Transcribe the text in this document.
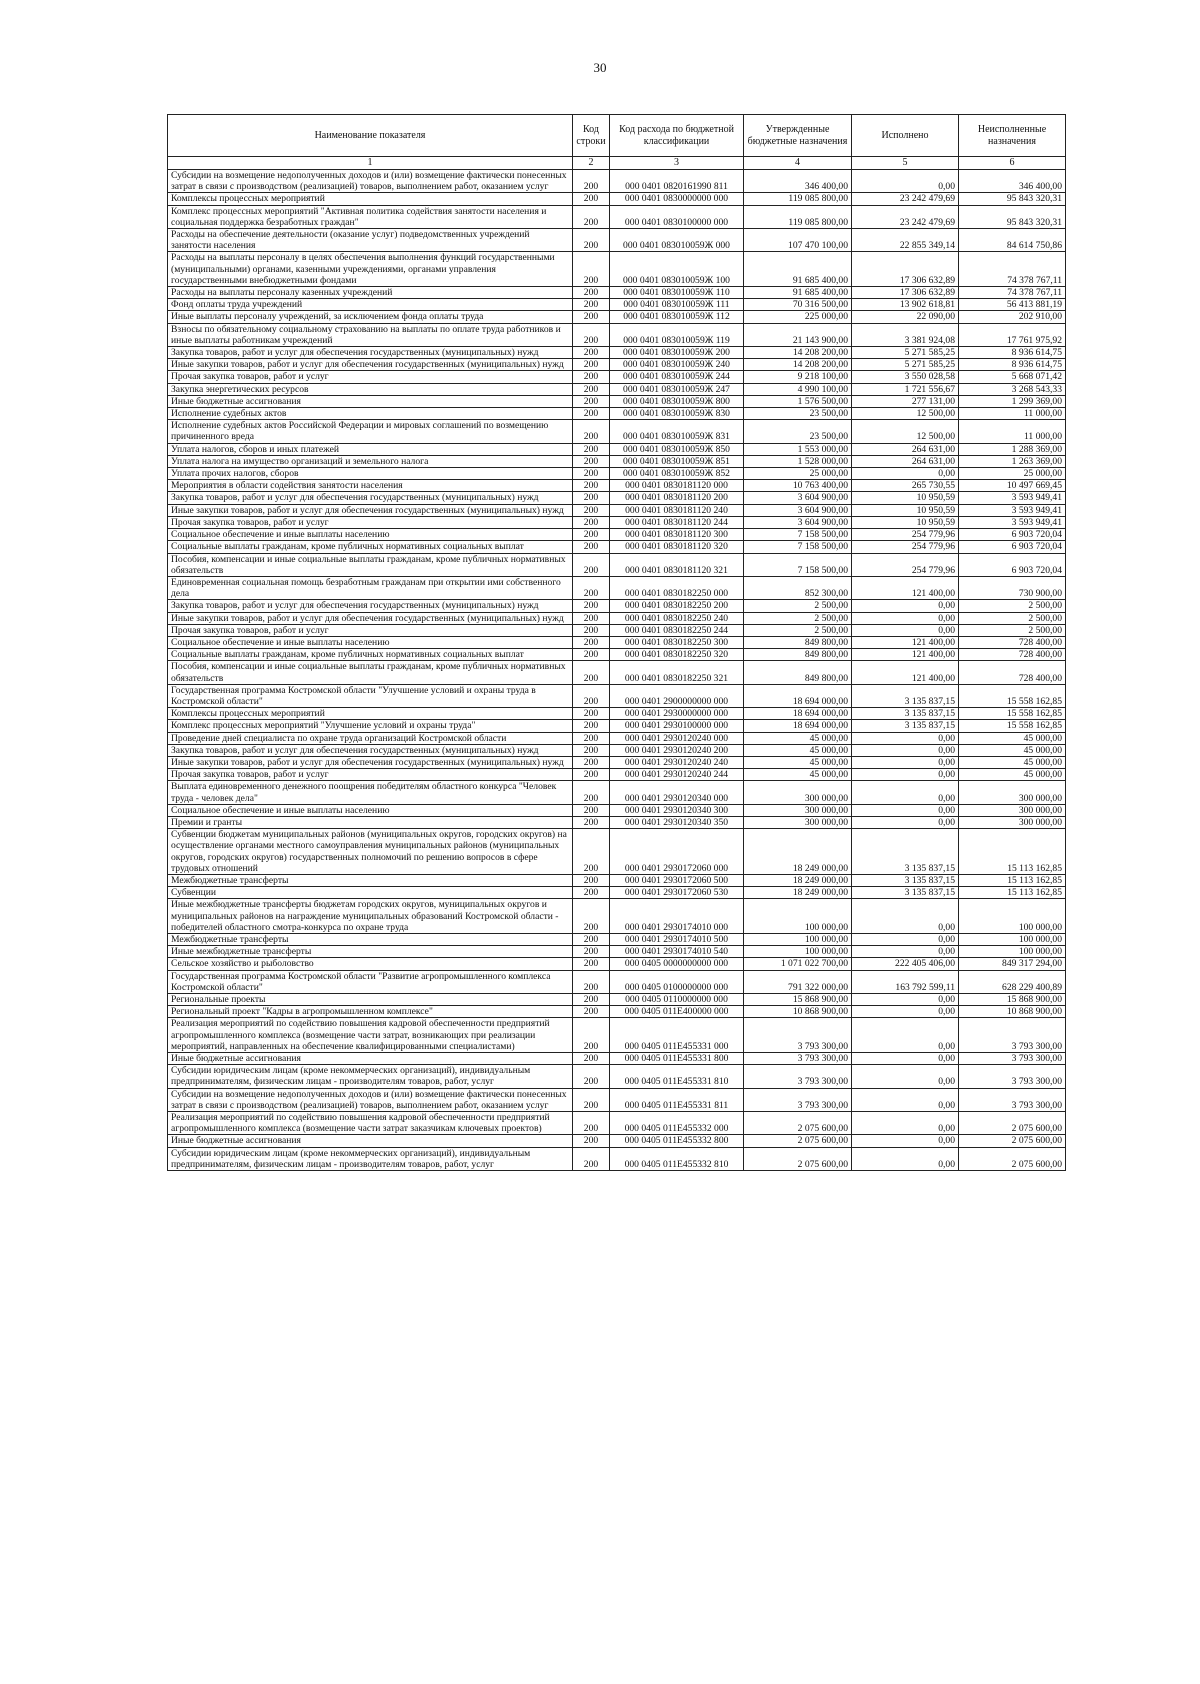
30
Наименование показателя	Код строки	Код расхода по бюджетной классификации	Утвержденные бюджетные назначения	Исполнено	Неисполненные назначения
1	2	3	4	5	6
Субсидии на возмещение недополученных доходов и (или) возмещение фактически понесенных затрат в связи с производством (реализацией) товаров, выполнением работ, оказанием услуг	200	000 0401 0820161990 811	346 400,00	0,00	346 400,00
Комплексы процессных мероприятий	200	000 0401 0830000000 000	119 085 800,00	23 242 479,69	95 843 320,31
Комплекс процессных мероприятий "Активная политика содействия занятости населения и социальная поддержка безработных граждан"	200	000 0401 0830100000 000	119 085 800,00	23 242 479,69	95 843 320,31
Расходы на обеспечение деятельности (оказание услуг) подведомственных учреждений занятости населения	200	000 0401 083010059Ж 000	107 470 100,00	22 855 349,14	84 614 750,86
Расходы на выплаты персоналу в целях обеспечения выполнения функций государственными (муниципальными) органами, казенными учреждениями, органами управления государственными внебюджетными фондами	200	000 0401 083010059Ж 100	91 685 400,00	17 306 632,89	74 378 767,11
Расходы на выплаты персоналу казенных учреждений	200	000 0401 083010059Ж 110	91 685 400,00	17 306 632,89	74 378 767,11
Фонд оплаты труда учреждений	200	000 0401 083010059Ж 111	70 316 500,00	13 902 618,81	56 413 881,19
Иные выплаты персоналу учреждений, за исключением фонда оплаты труда	200	000 0401 083010059Ж 112	225 000,00	22 090,00	202 910,00
Взносы по обязательному социальному страхованию на выплаты по оплате труда работников и иные выплаты работникам учреждений	200	000 0401 083010059Ж 119	21 143 900,00	3 381 924,08	17 761 975,92
Закупка товаров, работ и услуг для обеспечения государственных (муниципальных) нужд	200	000 0401 083010059Ж 200	14 208 200,00	5 271 585,25	8 936 614,75
Иные закупки товаров, работ и услуг для обеспечения государственных (муниципальных) нужд	200	000 0401 083010059Ж 240	14 208 200,00	5 271 585,25	8 936 614,75
Прочая закупка товаров, работ и услуг	200	000 0401 083010059Ж 244	9 218 100,00	3 550 028,58	5 668 071,42
Закупка энергетических ресурсов	200	000 0401 083010059Ж 247	4 990 100,00	1 721 556,67	3 268 543,33
Иные бюджетные ассигнования	200	000 0401 083010059Ж 800	1 576 500,00	277 131,00	1 299 369,00
Исполнение судебных актов	200	000 0401 083010059Ж 830	23 500,00	12 500,00	11 000,00
Исполнение судебных актов Российской Федерации и мировых соглашений по возмещению причиненного вреда	200	000 0401 083010059Ж 831	23 500,00	12 500,00	11 000,00
Уплата налогов, сборов и иных платежей	200	000 0401 083010059Ж 850	1 553 000,00	264 631,00	1 288 369,00
Уплата налога на имущество организаций и земельного налога	200	000 0401 083010059Ж 851	1 528 000,00	264 631,00	1 263 369,00
Уплата прочих налогов, сборов	200	000 0401 083010059Ж 852	25 000,00	0,00	25 000,00
Мероприятия в области содействия занятости населения	200	000 0401 0830181120 000	10 763 400,00	265 730,55	10 497 669,45
Закупка товаров, работ и услуг для обеспечения государственных (муниципальных) нужд	200	000 0401 0830181120 200	3 604 900,00	10 950,59	3 593 949,41
Иные закупки товаров, работ и услуг для обеспечения государственных (муниципальных) нужд	200	000 0401 0830181120 240	3 604 900,00	10 950,59	3 593 949,41
Прочая закупка товаров, работ и услуг	200	000 0401 0830181120 244	3 604 900,00	10 950,59	3 593 949,41
Социальное обеспечение и иные выплаты населению	200	000 0401 0830181120 300	7 158 500,00	254 779,96	6 903 720,04
Социальные выплаты гражданам, кроме публичных нормативных социальных выплат	200	000 0401 0830181120 320	7 158 500,00	254 779,96	6 903 720,04
Пособия, компенсации и иные социальные выплаты гражданам, кроме публичных нормативных обязательств	200	000 0401 0830181120 321	7 158 500,00	254 779,96	6 903 720,04
Единовременная социальная помощь безработным гражданам при открытии ими собственного дела	200	000 0401 0830182250 000	852 300,00	121 400,00	730 900,00
Закупка товаров, работ и услуг для обеспечения государственных (муниципальных) нужд	200	000 0401 0830182250 200	2 500,00	0,00	2 500,00
Иные закупки товаров, работ и услуг для обеспечения государственных (муниципальных) нужд	200	000 0401 0830182250 240	2 500,00	0,00	2 500,00
Прочая закупка товаров, работ и услуг	200	000 0401 0830182250 244	2 500,00	0,00	2 500,00
Социальное обеспечение и иные выплаты населению	200	000 0401 0830182250 300	849 800,00	121 400,00	728 400,00
Социальные выплаты гражданам, кроме публичных нормативных социальных выплат	200	000 0401 0830182250 320	849 800,00	121 400,00	728 400,00
Пособия, компенсации и иные социальные выплаты гражданам, кроме публичных нормативных обязательств	200	000 0401 0830182250 321	849 800,00	121 400,00	728 400,00
Государственная программа Костромской области "Улучшение условий и охраны труда в Костромской области"	200	000 0401 2900000000 000	18 694 000,00	3 135 837,15	15 558 162,85
Комплексы процессных мероприятий	200	000 0401 2930000000 000	18 694 000,00	3 135 837,15	15 558 162,85
Комплекс процессных мероприятий "Улучшение условий и охраны труда"	200	000 0401 2930100000 000	18 694 000,00	3 135 837,15	15 558 162,85
Проведение дней специалиста по охране труда организаций Костромской области	200	000 0401 2930120240 000	45 000,00	0,00	45 000,00
Закупка товаров, работ и услуг для обеспечения государственных (муниципальных) нужд	200	000 0401 2930120240 200	45 000,00	0,00	45 000,00
Иные закупки товаров, работ и услуг для обеспечения государственных (муниципальных) нужд	200	000 0401 2930120240 240	45 000,00	0,00	45 000,00
Прочая закупка товаров, работ и услуг	200	000 0401 2930120240 244	45 000,00	0,00	45 000,00
Выплата единовременного денежного поощрения победителям областного конкурса "Человек труда - человек дела"	200	000 0401 2930120340 000	300 000,00	0,00	300 000,00
Социальное обеспечение и иные выплаты населению	200	000 0401 2930120340 300	300 000,00	0,00	300 000,00
Премии и гранты	200	000 0401 2930120340 350	300 000,00	0,00	300 000,00
Субвенции бюджетам муниципальных районов (муниципальных округов, городских округов) на осуществление органами местного самоуправления муниципальных районов (муниципальных округов, городских округов) государственных полномочий по решению вопросов в сфере трудовых отношений	200	000 0401 2930172060 000	18 249 000,00	3 135 837,15	15 113 162,85
Межбюджетные трансферты	200	000 0401 2930172060 500	18 249 000,00	3 135 837,15	15 113 162,85
Субвенции	200	000 0401 2930172060 530	18 249 000,00	3 135 837,15	15 113 162,85
Иные межбюджетные трансферты бюджетам городских округов, муниципальных округов и муниципальных районов на награждение муниципальных образований Костромской области - победителей областного смотра-конкурса по охране труда	200	000 0401 2930174010 000	100 000,00	0,00	100 000,00
Межбюджетные трансферты	200	000 0401 2930174010 500	100 000,00	0,00	100 000,00
Иные межбюджетные трансферты	200	000 0401 2930174010 540	100 000,00	0,00	100 000,00
Сельское хозяйство и рыболовство	200	000 0405 0000000000 000	1 071 022 700,00	222 405 406,00	849 317 294,00
Государственная программа Костромской области "Развитие агропромышленного комплекса Костромской области"	200	000 0405 0100000000 000	791 322 000,00	163 792 599,11	628 229 400,89
Региональные проекты	200	000 0405 0110000000 000	15 868 900,00	0,00	15 868 900,00
Региональный проект "Кадры в агропромышленном комплексе"	200	000 0405 011Е400000 000	10 868 900,00	0,00	10 868 900,00
Реализация мероприятий по содействию повышения кадровой обеспеченности предприятий агропромышленного комплекса (возмещение части затрат, возникающих при реализации мероприятий, направленных на обеспечение квалифицированными специалистами)	200	000 0405 011Е455331 000	3 793 300,00	0,00	3 793 300,00
Иные бюджетные ассигнования	200	000 0405 011Е455331 800	3 793 300,00	0,00	3 793 300,00
Субсидии юридическим лицам (кроме некоммерческих организаций), индивидуальным предпринимателям, физическим лицам - производителям товаров, работ, услуг	200	000 0405 011Е455331 810	3 793 300,00	0,00	3 793 300,00
Субсидии на возмещение недополученных доходов и (или) возмещение фактически понесенных затрат в связи с производством (реализацией) товаров, выполнением работ, оказанием услуг	200	000 0405 011Е455331 811	3 793 300,00	0,00	3 793 300,00
Реализация мероприятий по содействию повышения кадровой обеспеченности предприятий агропромышленного комплекса (возмещение части затрат заказчикам ключевых проектов)	200	000 0405 011Е455332 000	2 075 600,00	0,00	2 075 600,00
Иные бюджетные ассигнования	200	000 0405 011Е455332 800	2 075 600,00	0,00	2 075 600,00
Субсидии юридическим лицам (кроме некоммерческих организаций), индивидуальным предпринимателям, физическим лицам - производителям товаров, работ, услуг	200	000 0405 011Е455332 810	2 075 600,00	0,00	2 075 600,00
